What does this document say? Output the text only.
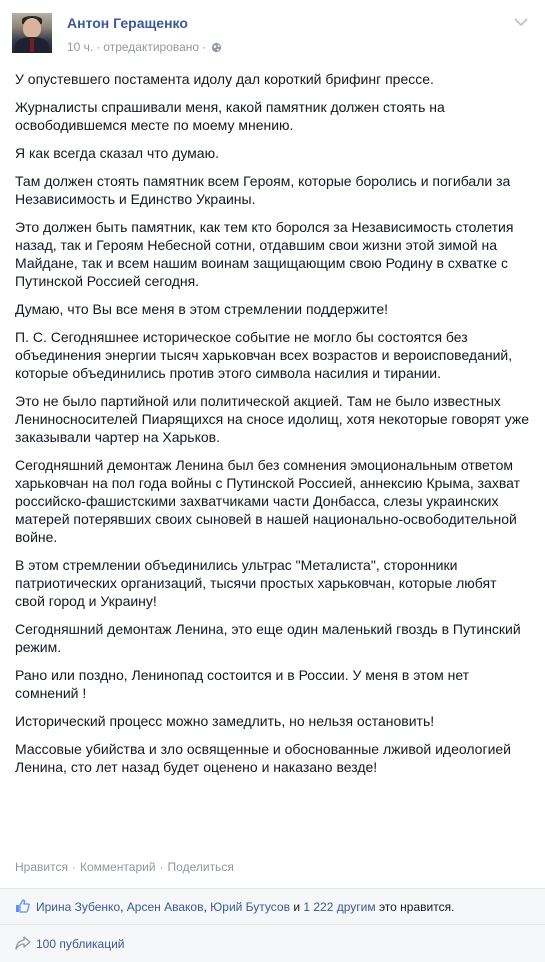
Антон Геращенко
10 ч. · отредактировано ·

У опустевшего постамента идолу дал короткий брифинг прессе.

Журналисты спрашивали меня, какой памятник должен стоять на освободившемся месте по моему мнению.

Я как всегда сказал что думаю.

Там должен стоять памятник всем Героям, которые боролись и погибали за Независимость и Единство Украины.

Это должен быть памятник, как тем кто боролся за Независимость столетия назад, так и Героям Небесной сотни, отдавшим свои жизни этой зимой на Майдане, так и всем нашим воинам защищающим свою Родину в схватке с Путинской Россией сегодня.

Думаю, что Вы все меня в этом стремлении поддержите!

П. С. Сегодняшнее историческое событие не могло бы состоятся без объединения энергии тысяч харьковчан всех возрастов и вероисповеданий, которые объединились против этого символа насилия и тирании.

Это не было партийной или политической акцией. Там не было известных Лениносносителей Пиарящихся на сносе идолищ, хотя некоторые говорят уже заказывали чартер на Харьков.

Сегодняшний демонтаж Ленина был без сомнения эмоциональным ответом харьковчан на пол года войны с Путинской Россией, аннексию Крыма, захват российско-фашистскими захватчиками части Донбасса, слезы украинских матерей потерявших своих сыновей в нашей национально-освободительной войне.

В этом стремлении объединились ультрас "Металиста", сторонники патриотических организаций, тысячи простых харьковчан, которые любят свой город и Украину!

Сегодняшний демонтаж Ленина, это еще один маленький гвоздь в Путинский режим.

Рано или поздно, Ленинопад состоится и в России. У меня в этом нет сомнений !

Исторический процесс можно замедлить, но нельзя остановить!

Массовые убийства и зло освященные и обоснованные лживой идеологией Ленина, сто лет назад будет оценено и наказано везде!

Нравится · Комментарий · Поделиться
Ирина Зубенко, Арсен Аваков, Юрий Бутусов и 1 222 другим это нравится.
100 публикаций
